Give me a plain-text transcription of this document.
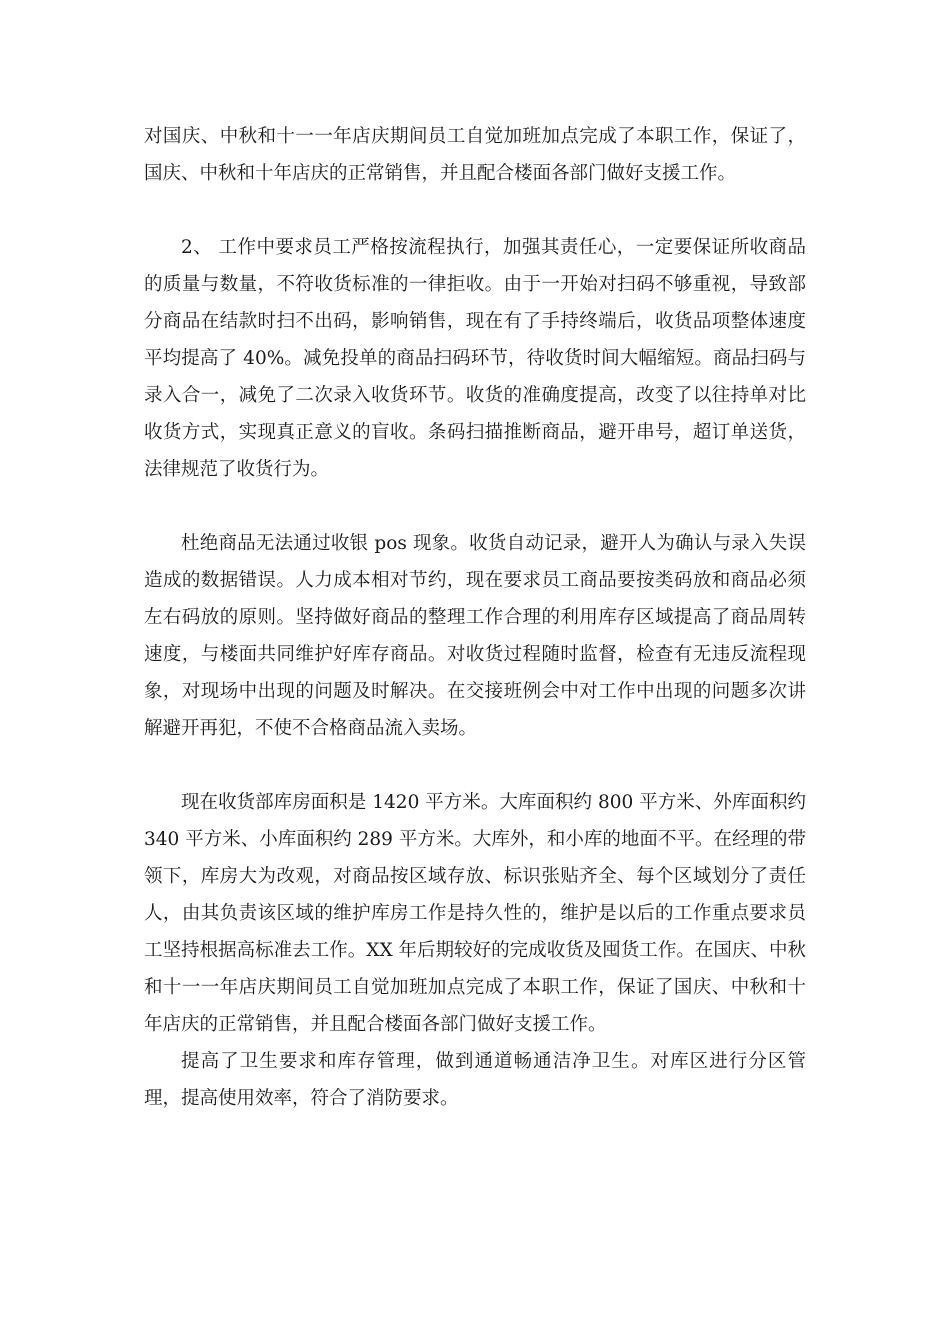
对国庆、中秋和十一一年店庆期间员工自觉加班加点完成了本职工作，保证了，国庆、中秋和十年店庆的正常销售，并且配合楼面各部门做好支援工作。

2、 工作中要求员工严格按流程执行，加强其责任心，一定要保证所收商品的质量与数量，不符收货标准的一律拒收。由于一开始对扫码不够重视，导致部分商品在结款时扫不出码，影响销售，现在有了手持终端后，收货品项整体速度平均提高了 40%。减免投单的商品扫码环节，待收货时间大幅缩短。商品扫码与录入合一，减免了二次录入收货环节。收货的准确度提高，改变了以往持单对比收货方式，实现真正意义的盲收。条码扫描推断商品，避开串号，超订单送货，法律规范了收货行为。

杜绝商品无法通过收银 pos 现象。收货自动记录，避开人为确认与录入失误造成的数据错误。人力成本相对节约，现在要求员工商品要按类码放和商品必须左右码放的原则。坚持做好商品的整理工作合理的利用库存区域提高了商品周转速度，与楼面共同维护好库存商品。对收货过程随时监督，检查有无违反流程现象，对现场中出现的问题及时解决。在交接班例会中对工作中出现的问题多次讲解避开再犯，不使不合格商品流入卖场。

现在收货部库房面积是 1420 平方米。大库面积约 800 平方米、外库面积约 340 平方米、小库面积约 289 平方米。大库外，和小库的地面不平。在经理的带领下，库房大为改观，对商品按区域存放、标识张贴齐全、每个区域划分了责任人，由其负责该区域的维护库房工作是持久性的，维护是以后的工作重点要求员工坚持根据高标准去工作。XX 年后期较好的完成收货及囤货工作。在国庆、中秋和十一一年店庆期间员工自觉加班加点完成了本职工作，保证了国庆、中秋和十年店庆的正常销售，并且配合楼面各部门做好支援工作。

提高了卫生要求和库存管理，做到通道畅通洁净卫生。对库区进行分区管理，提高使用效率，符合了消防要求。
